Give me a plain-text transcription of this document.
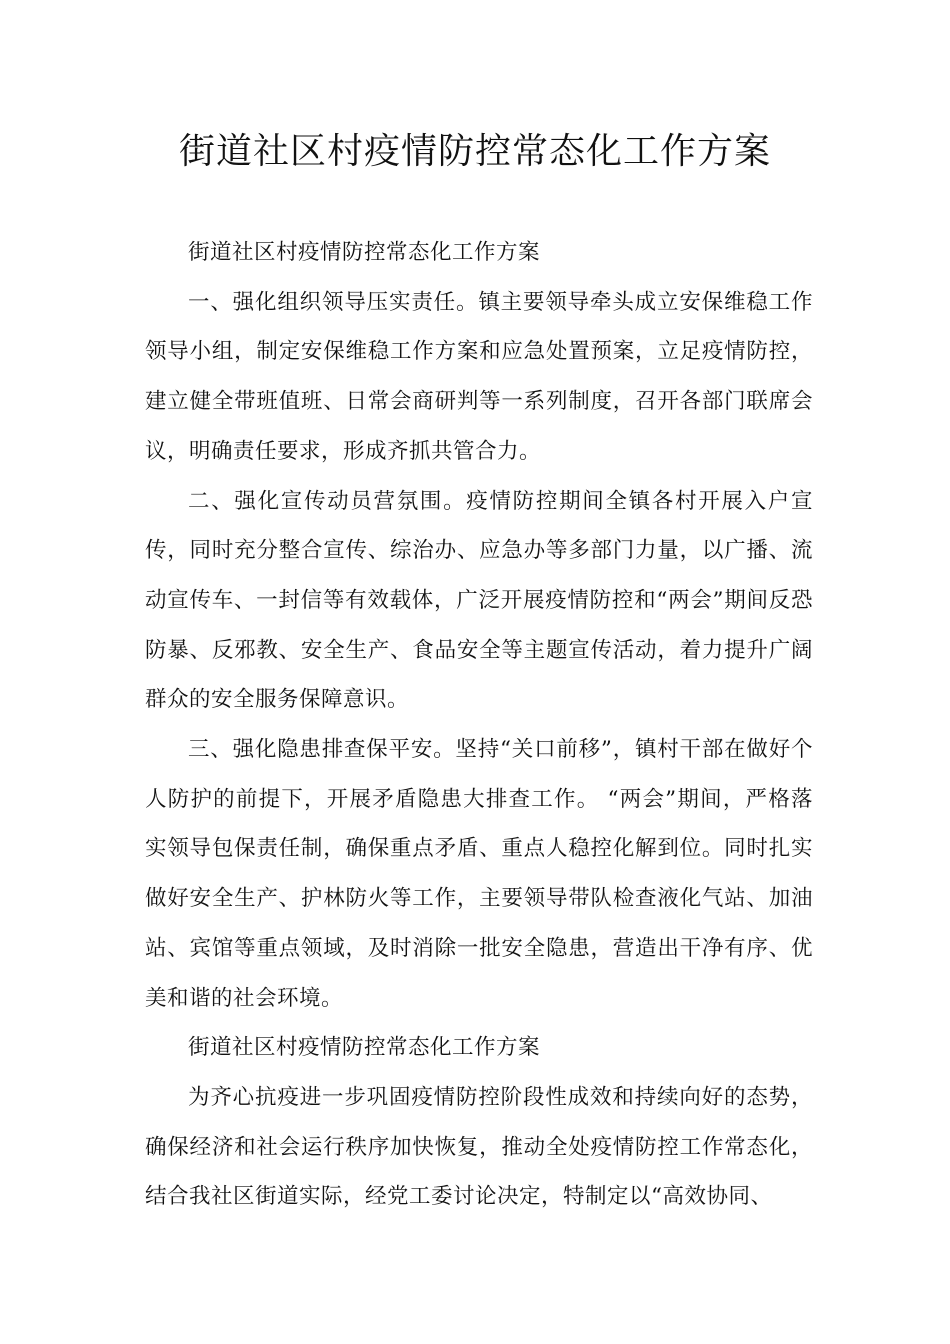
街道社区村疫情防控常态化工作方案

街道社区村疫情防控常态化工作方案

一、强化组织领导压实责任。镇主要领导牵头成立安保维稳工作领导小组，制定安保维稳工作方案和应急处置预案，立足疫情防控，建立健全带班值班、日常会商研判等一系列制度，召开各部门联席会议，明确责任要求，形成齐抓共管合力。

二、强化宣传动员营氛围。疫情防控期间全镇各村开展入户宣传，同时充分整合宣传、综治办、应急办等多部门力量，以广播、流动宣传车、一封信等有效载体，广泛开展疫情防控和“两会”期间反恐防暴、反邪教、安全生产、食品安全等主题宣传活动，着力提升广阔群众的安全服务保障意识。

三、强化隐患排查保平安。坚持“关口前移”，镇村干部在做好个人防护的前提下，开展矛盾隐患大排查工作。 “两会”期间，严格落实领导包保责任制，确保重点矛盾、重点人稳控化解到位。同时扎实做好安全生产、护林防火等工作，主要领导带队检查液化气站、加油站、宾馆等重点领域，及时消除一批安全隐患，营造出干净有序、优美和谐的社会环境。

街道社区村疫情防控常态化工作方案

为齐心抗疫进一步巩固疫情防控阶段性成效和持续向好的态势，确保经济和社会运行秩序加快恢复，推动全处疫情防控工作常态化，结合我社区街道实际，经党工委讨论决定，特制定以“高效协同、
